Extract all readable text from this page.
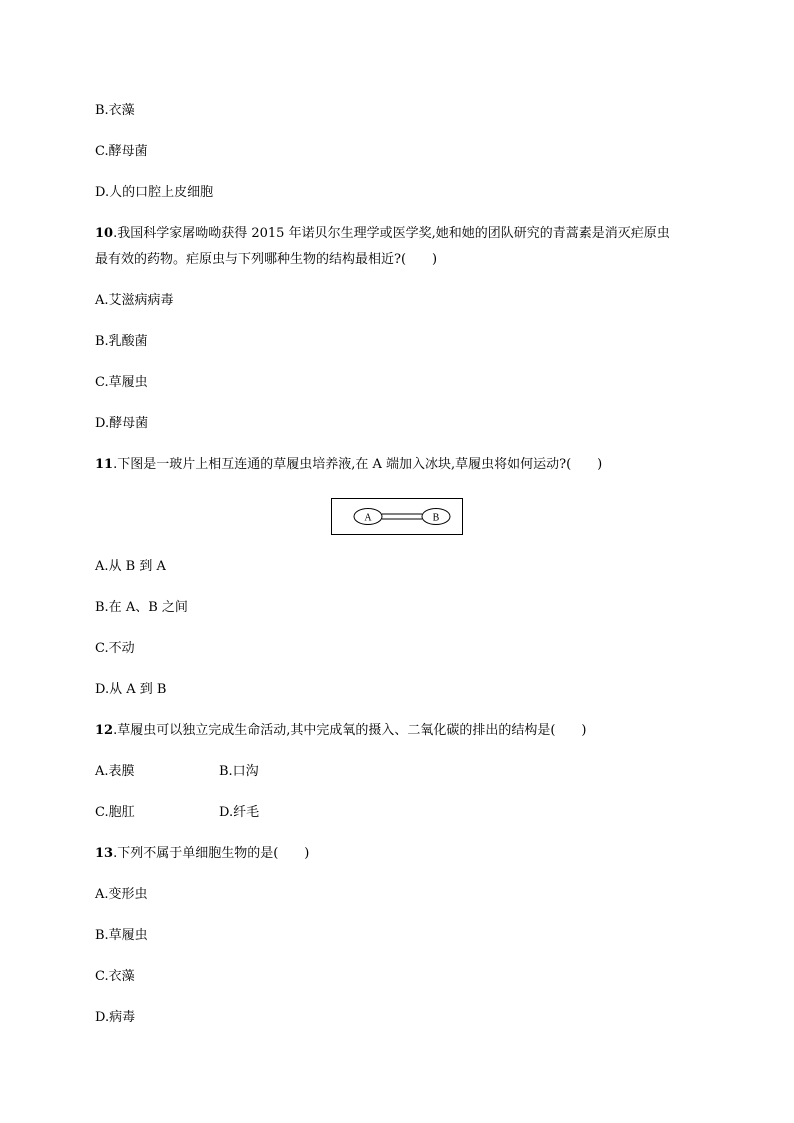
B.衣藻
C.酵母菌
D.人的口腔上皮细胞
10.我国科学家屠呦呦获得 2015 年诺贝尔生理学或医学奖,她和她的团队研究的青蒿素是消灭疟原虫
最有效的药物。疟原虫与下列哪种生物的结构最相近?(　　)
A.艾滋病病毒
B.乳酸菌
C.草履虫
D.酵母菌
11.下图是一玻片上相互连通的草履虫培养液,在 A 端加入冰块,草履虫将如何运动?(　　)
A	B
A.从 B 到 A
B.在 A、B 之间
C.不动
D.从 A 到 B
12.草履虫可以独立完成生命活动,其中完成氧的摄入、二氧化碳的排出的结构是(　　)
A.表膜	B.口沟
C.胞肛	D.纤毛
13.下列不属于单细胞生物的是(　　)
A.变形虫
B.草履虫
C.衣藻
D.病毒
